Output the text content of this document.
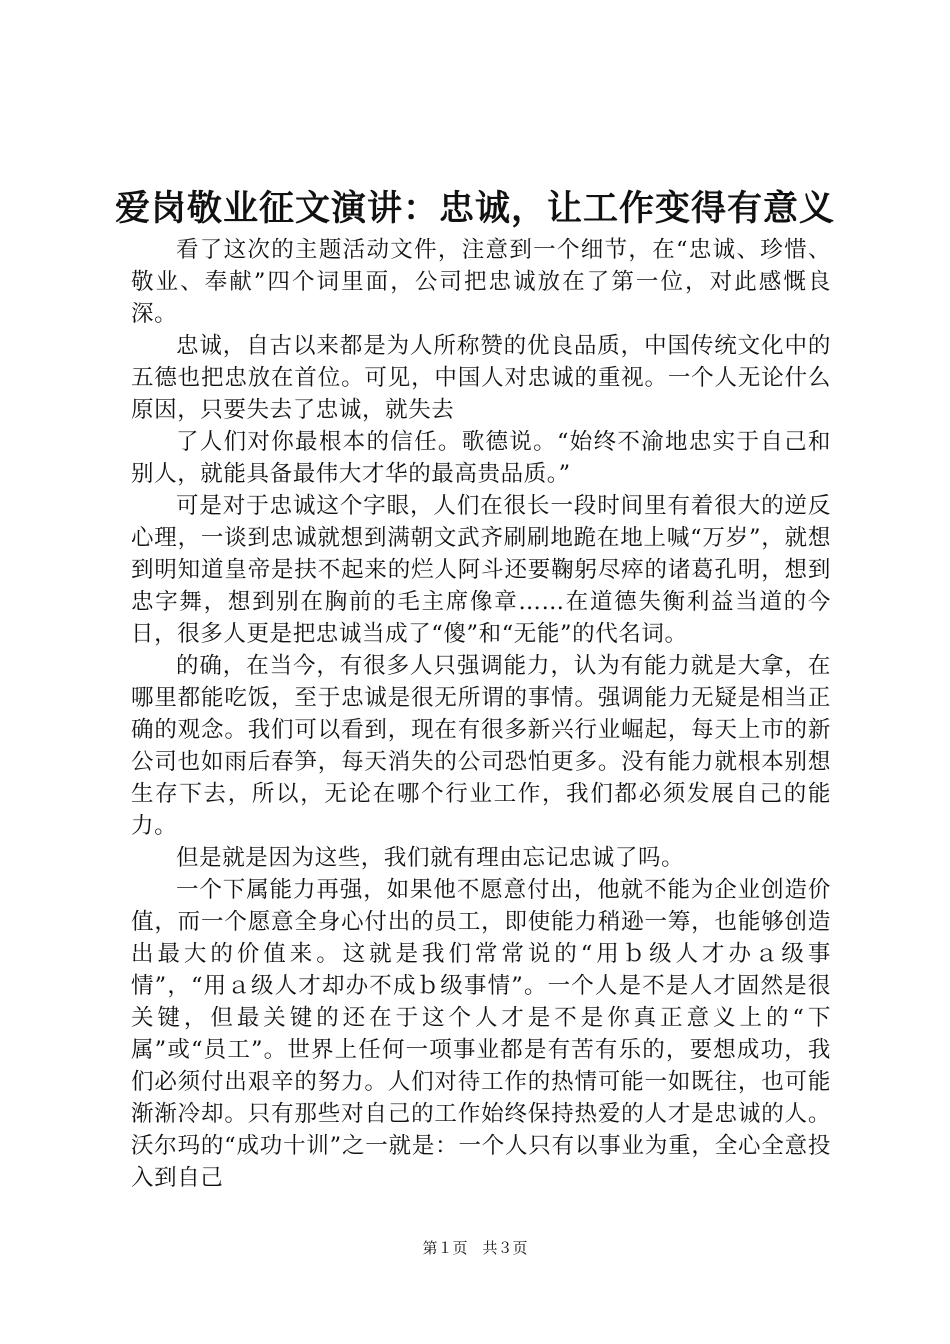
爱岗敬业征文演讲：忠诚，让工作变得有意义

看了这次的主题活动文件，注意到一个细节，在“忠诚、珍惜、敬业、奉献”四个词里面，公司把忠诚放在了第一位，对此感慨良深。

忠诚，自古以来都是为人所称赞的优良品质，中国传统文化中的五德也把忠放在首位。可见，中国人对忠诚的重视。一个人无论什么原因，只要失去了忠诚，就失去

了人们对你最根本的信任。歌德说。“始终不渝地忠实于自己和别人，就能具备最伟大才华的最高贵品质。”

可是对于忠诚这个字眼，人们在很长一段时间里有着很大的逆反心理，一谈到忠诚就想到满朝文武齐刷刷地跪在地上喊“万岁”，就想到明知道皇帝是扶不起来的烂人阿斗还要鞠躬尽瘁的诸葛孔明，想到忠字舞，想到别在胸前的毛主席像章……在道德失衡利益当道的今日，很多人更是把忠诚当成了“傻”和“无能”的代名词。

的确，在当今，有很多人只强调能力，认为有能力就是大拿，在哪里都能吃饭，至于忠诚是很无所谓的事情。强调能力无疑是相当正确的观念。我们可以看到，现在有很多新兴行业崛起，每天上市的新公司也如雨后春笋，每天消失的公司恐怕更多。没有能力就根本别想生存下去，所以，无论在哪个行业工作，我们都必须发展自己的能力。

但是就是因为这些，我们就有理由忘记忠诚了吗。

一个下属能力再强，如果他不愿意付出，他就不能为企业创造价值，而一个愿意全身心付出的员工，即使能力稍逊一筹，也能够创造出最大的价值来。这就是我们常常说的“用ｂ级人才办ａ级事情”，“用ａ级人才却办不成ｂ级事情”。一个人是不是人才固然是很关键，但最关键的还在于这个人才是不是你真正意义上的“下属”或“员工”。世界上任何一项事业都是有苦有乐的，要想成功，我们必须付出艰辛的努力。人们对待工作的热情可能一如既往，也可能渐渐冷却。只有那些对自己的工作始终保持热爱的人才是忠诚的人。沃尔玛的“成功十训”之一就是：一个人只有以事业为重，全心全意投入到自己

第１页　共３页
